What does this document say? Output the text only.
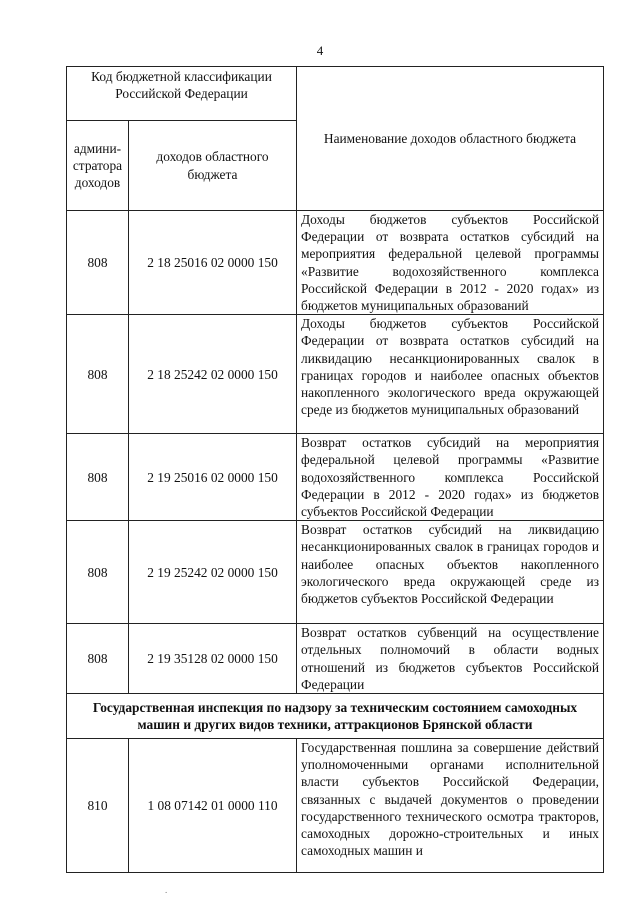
4
Код бюджетной классификации Российской Федерации		Наименование доходов областного бюджета
админи- стратора доходов	доходов областного бюджета	
808	2 18 25016 02 0000 150	Доходы бюджетов субъектов Российской Федерации от возврата остатков субсидий на мероприятия федеральной целевой программы «Развитие водохозяйственного комплекса Российской Федерации в 2012 - 2020 годах» из бюджетов муниципальных образований
808	2 18 25242 02 0000 150	Доходы бюджетов субъектов Российской Федерации от возврата остатков субсидий на ликвидацию несанкционированных свалок в границах городов и наиболее опасных объектов накопленного экологического вреда окружающей среде из бюджетов муниципальных образований
808	2 19 25016 02 0000 150	Возврат остатков субсидий на мероприятия федеральной целевой программы «Развитие водохозяйственного комплекса Российской Федерации в 2012 - 2020 годах» из бюджетов субъектов Российской Федерации
808	2 19 25242 02 0000 150	Возврат остатков субсидий на ликвидацию несанкционированных свалок в границах городов и наиболее опасных объектов накопленного экологического вреда окружающей среде из бюджетов субъектов Российской Федерации
808	2 19 35128 02 0000 150	Возврат остатков субвенций на осуществление отдельных полномочий в области водных отношений из бюджетов субъектов Российской Федерации
Государственная инспекция по надзору за техническим состоянием самоходных машин и других видов техники, аттракционов Брянской области		
810	1 08 07142 01 0000 110	Государственная пошлина за совершение действий уполномоченными органами исполнительной власти субъектов Российской Федерации, связанных с выдачей документов о проведении государственного технического осмотра тракторов, самоходных дорожно-строительных и иных самоходных машин и
.
